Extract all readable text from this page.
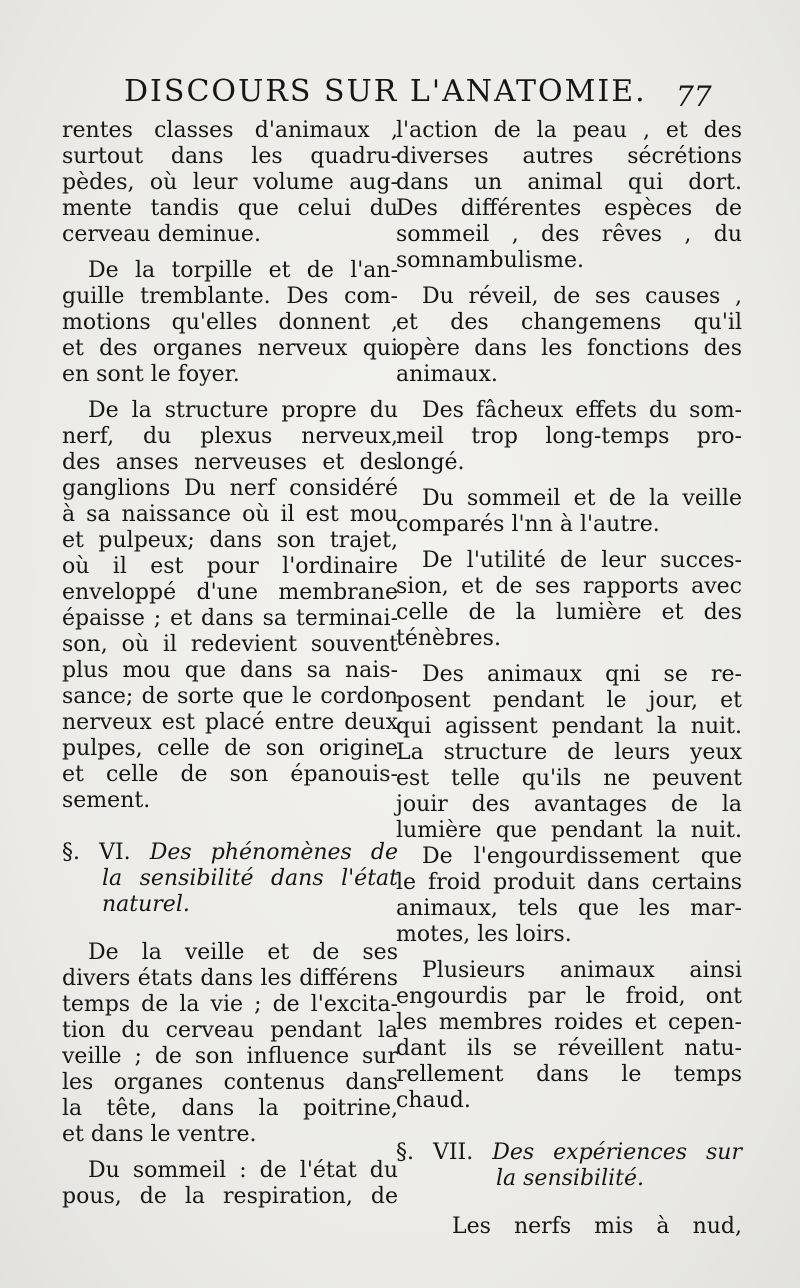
DISCOURS SUR L'ANATOMIE. 77
rentes classes d'animaux ,
surtout dans les quadru-
pèdes, où leur volume aug-
mente tandis que celui du
cerveau deminue.
De la torpille et de l'an-
guille tremblante. Des com-
motions qu'elles donnent ,
et des organes nerveux qui
en sont le foyer.
De la structure propre du
nerf, du plexus nerveux,
des anses nerveuses et des
ganglions Du nerf considéré
à sa naissance où il est mou
et pulpeux; dans son trajet,
où il est pour l'ordinaire
enveloppé d'une membrane
épaisse ; et dans sa terminai-
son, où il redevient souvent
plus mou que dans sa nais-
sance; de sorte que le cordon
nerveux est placé entre deux
pulpes, celle de son origine
et celle de son épanouis-
sement.
§. VI. Des phénomènes de
la sensibilité dans l'état
naturel.
De la veille et de ses
divers états dans les différens
temps de la vie ; de l'excita-
tion du cerveau pendant la
veille ; de son influence sur
les organes contenus dans
la tête, dans la poitrine,
et dans le ventre.
Du sommeil : de l'état du
pous, de la respiration, de
l'action de la peau , et des
diverses autres sécrétions
dans un animal qui dort.
Des différentes espèces de
sommeil , des rêves , du
somnambulisme.
Du réveil, de ses causes ,
et des changemens qu'il
opère dans les fonctions des
animaux.
Des fâcheux effets du som-
meil trop long-temps pro-
longé.
Du sommeil et de la veille
comparés l'nn à l'autre.
De l'utilité de leur succes-
sion, et de ses rapports avec
celle de la lumière et des
ténèbres.
Des animaux qni se re-
posent pendant le jour, et
qui agissent pendant la nuit.
La structure de leurs yeux
est telle qu'ils ne peuvent
jouir des avantages de la
lumière que pendant la nuit.
De l'engourdissement que
le froid produit dans certains
animaux, tels que les mar-
motes, les loirs.
Plusieurs animaux ainsi
engourdis par le froid, ont
les membres roides et cepen-
dant ils se réveillent natu-
rellement dans le temps
chaud.
§. VII. Des expériences sur
la sensibilité.
Les nerfs mis à nud,
